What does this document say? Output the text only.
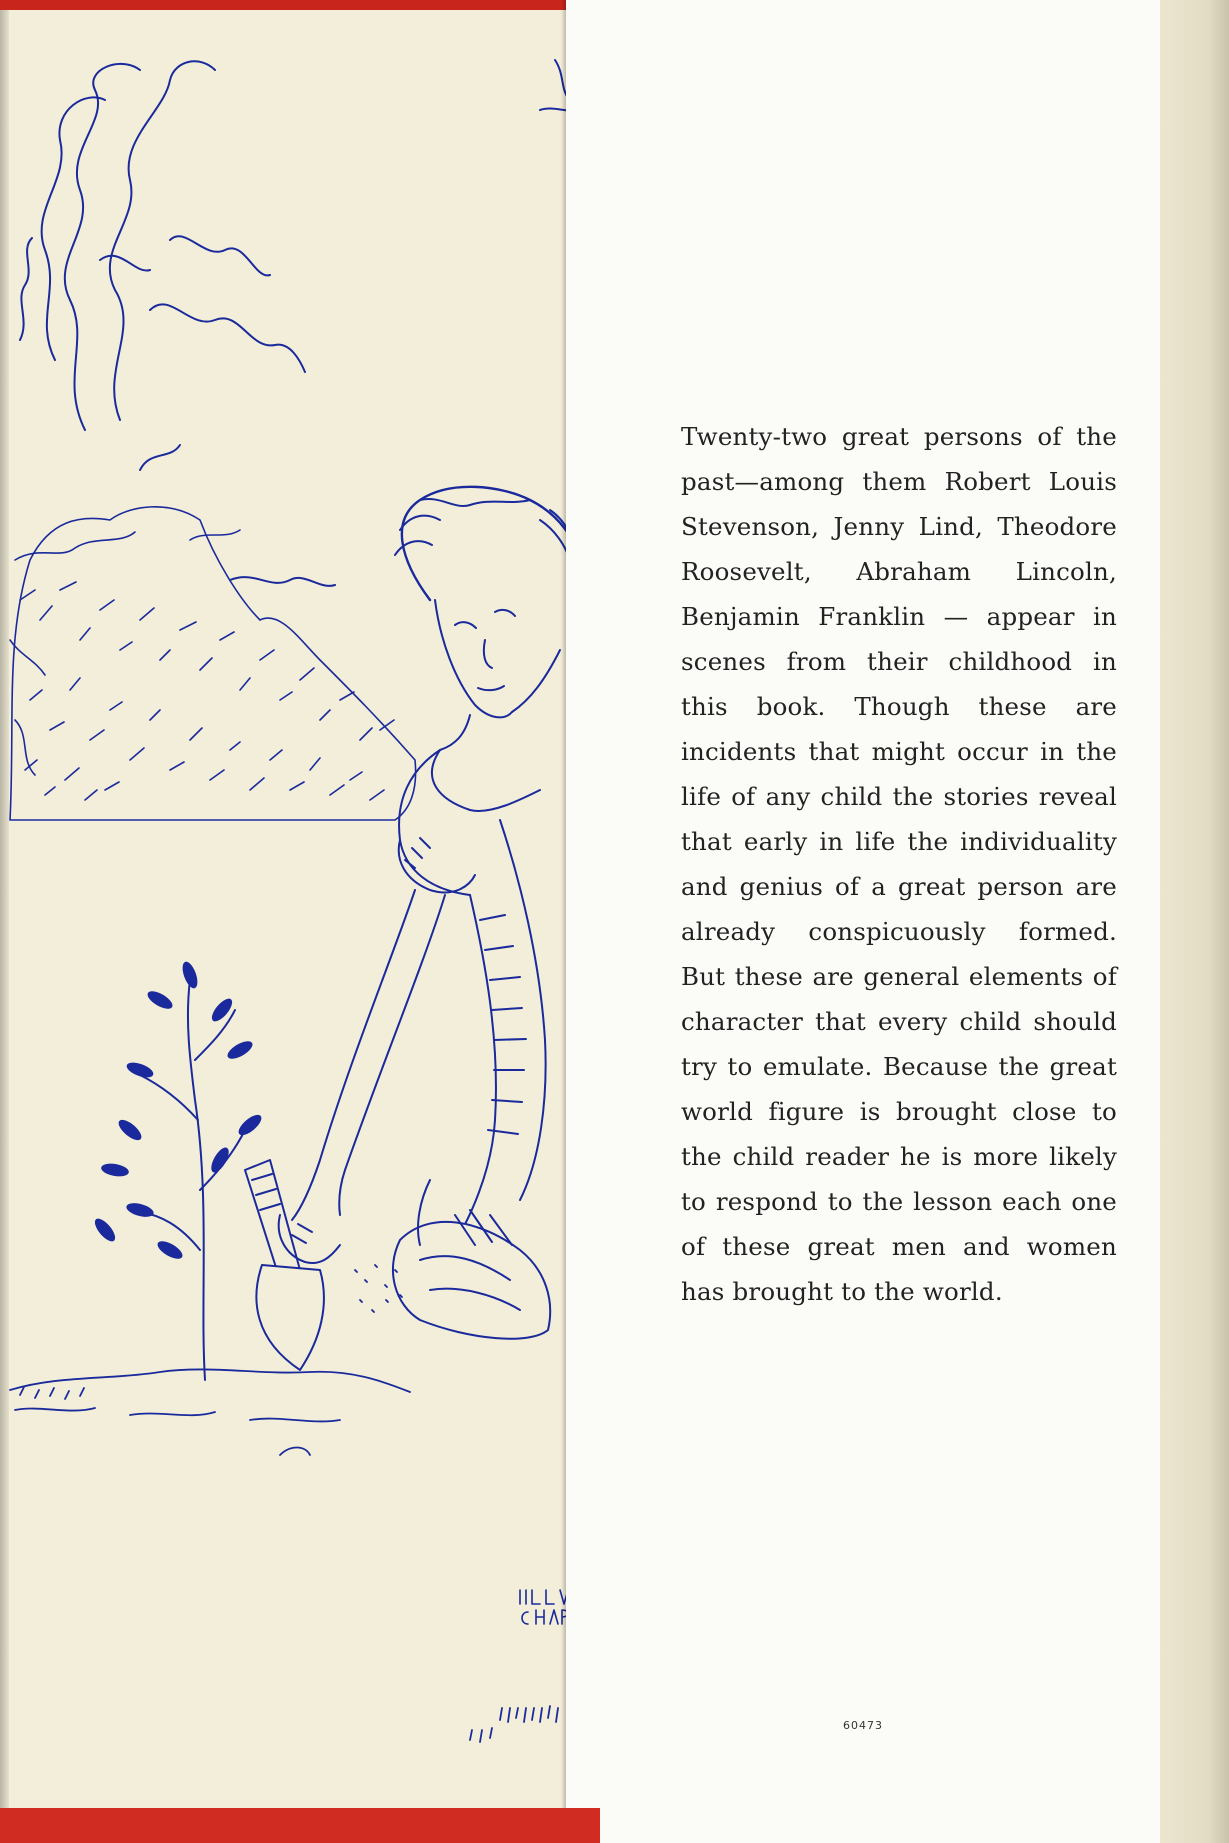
Twenty-two great persons of the past—among them Robert Louis Stevenson, Jenny Lind, Theodore Roosevelt, Abraham Lincoln, Benjamin Franklin — appear in scenes from their childhood in this book. Though these are incidents that might occur in the life of any child the stories reveal that early in life the individuality and genius of a great person are already conspicuously formed. But these are general elements of character that every child should try to emulate. Because the great world figure is brought close to the child reader he is more likely to respond to the lesson each one of these great men and women has brought to the world.

60473
